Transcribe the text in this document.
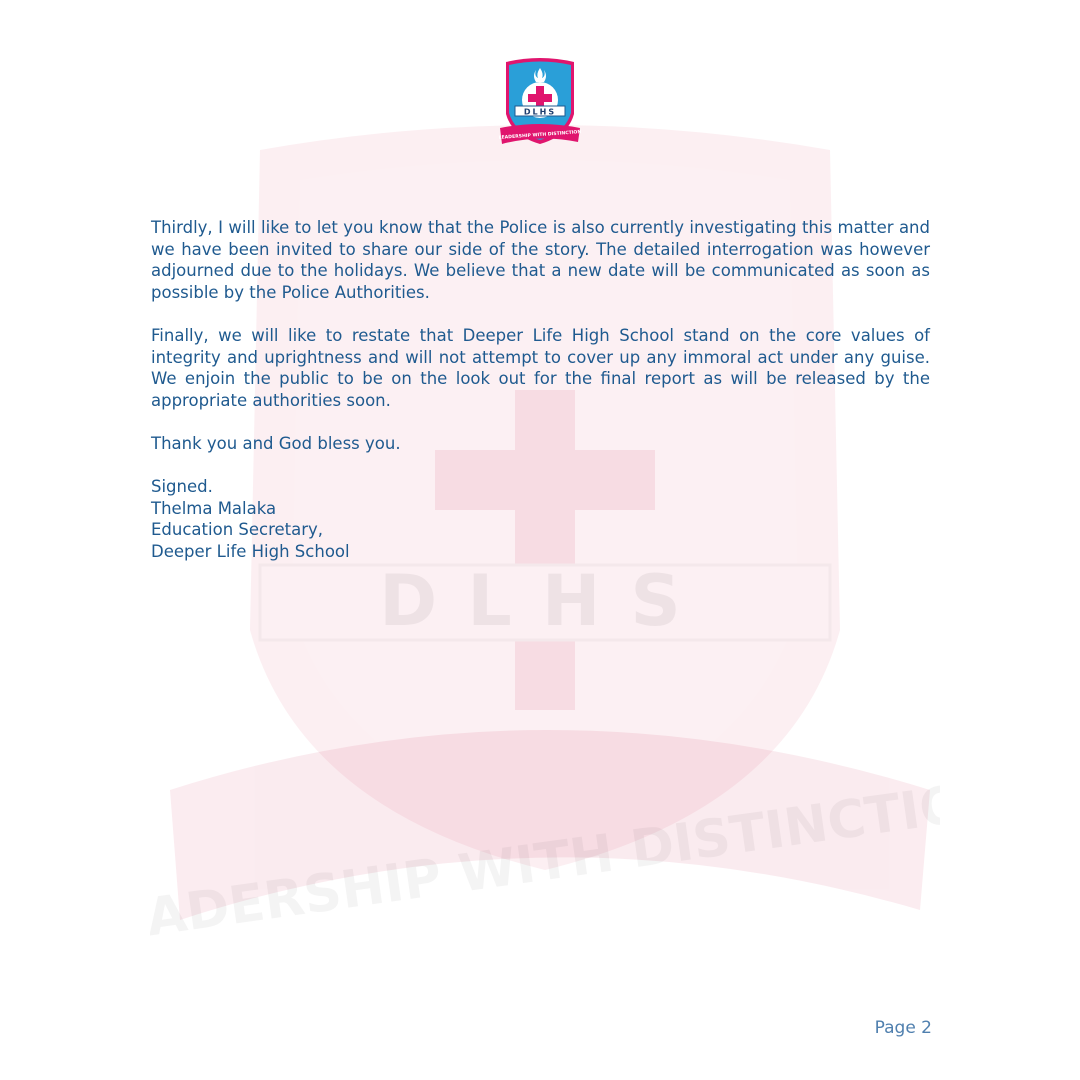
DLHS
DLHS
LEADERSHIP WITH DISTINCTION

Thirdly, I will like to let you know that the Police is also currently investigating this matter and we have been invited to share our side of the story. The detailed interrogation was however adjourned due to the holidays. We believe that a new date will be communicated as soon as possible by the Police Authorities.

Finally, we will like to restate that Deeper Life High School stand on the core values of integrity and uprightness and will not attempt to cover up any immoral act under any guise. We enjoin the public to be on the look out for the final report as will be released by the appropriate authorities soon.

Thank you and God bless you.

Signed.
Thelma Malaka
Education Secretary,
Deeper Life High School

Page 2
